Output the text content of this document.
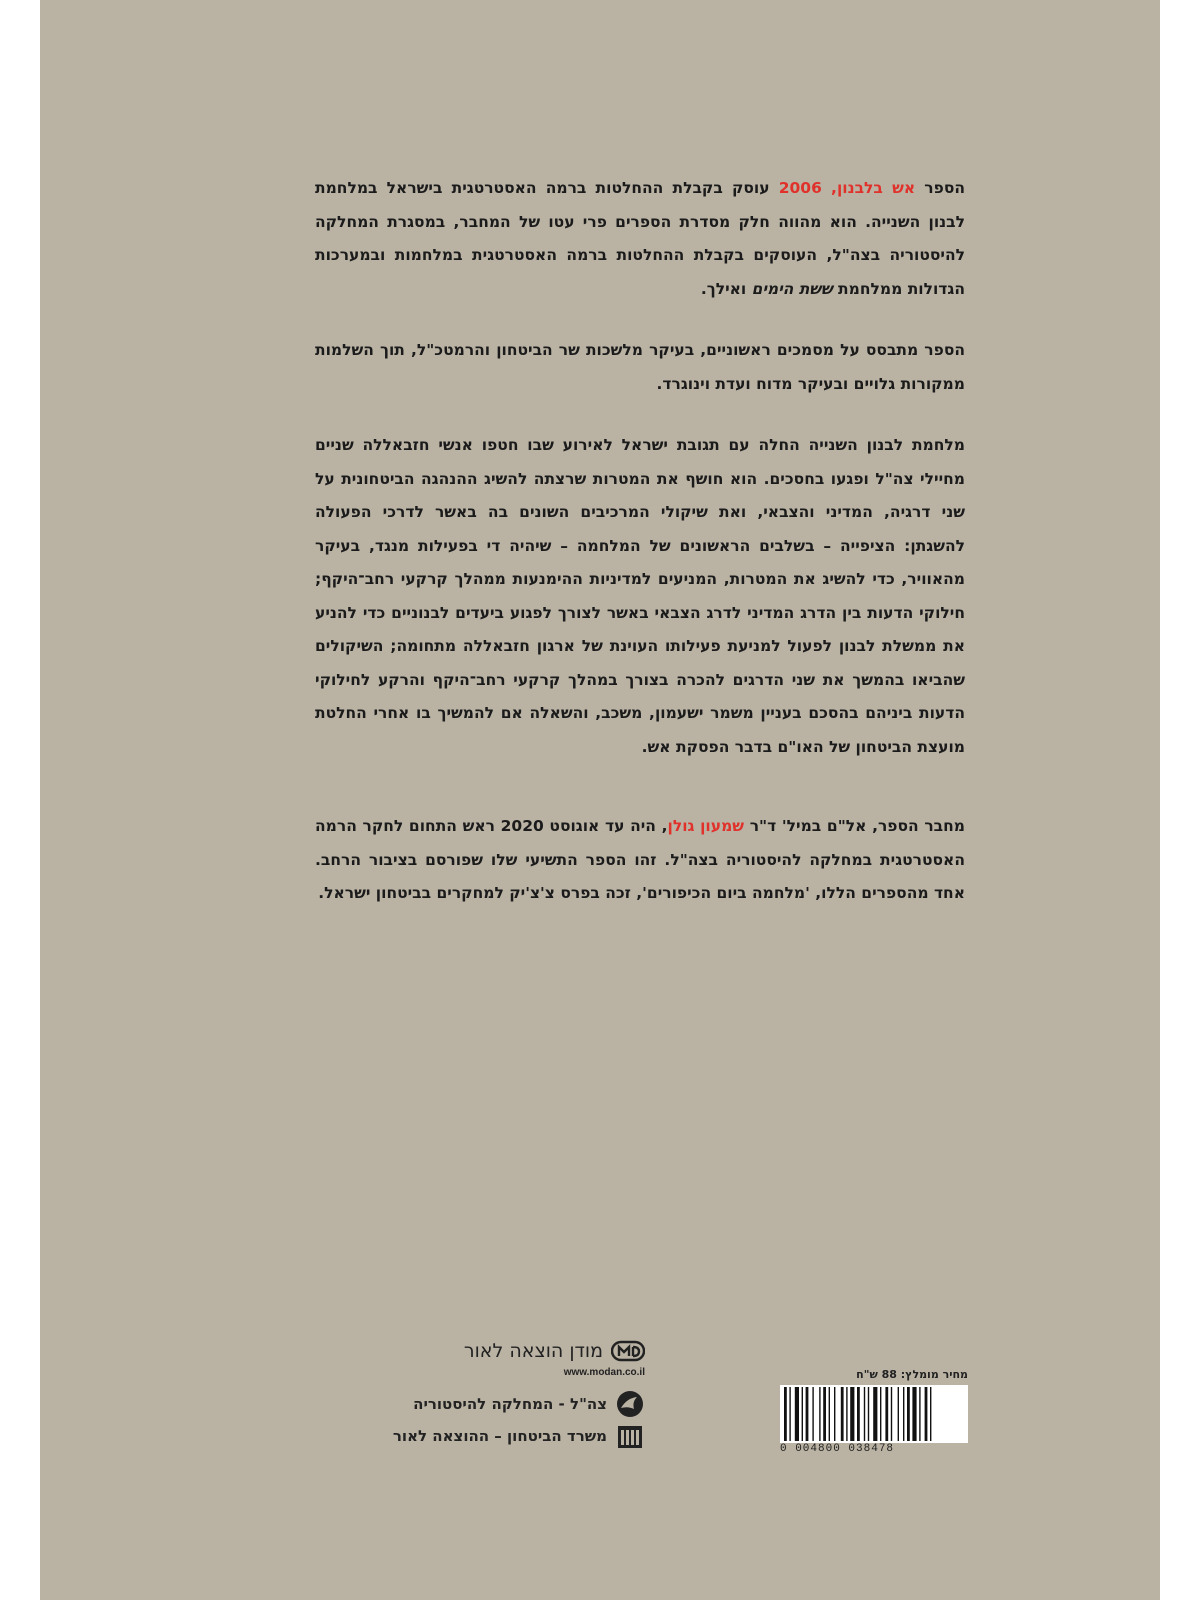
הספר אש בלבנון, 2006 עוסק בקבלת ההחלטות ברמה האסטרטגית בישראל במלחמת לבנון השנייה. הוא מהווה חלק מסדרת הספרים פרי עטו של המחבר, במסגרת המחלקה להיסטוריה בצה"ל, העוסקים בקבלת ההחלטות ברמה האסטרטגית במלחמות ובמערכות הגדולות ממלחמת ששת הימים ואילך.

הספר מתבסס על מסמכים ראשוניים, בעיקר מלשכות שר הביטחון והרמטכ"ל, תוך השלמות ממקורות גלויים ובעיקר מדוח ועדת וינוגרד.

מלחמת לבנון השנייה החלה עם תגובת ישראל לאירוע שבו חטפו אנשי חזבאללה שניים מחיילי צה"ל ופגעו בחסכים. הוא חושף את המטרות שרצתה להשיג ההנהגה הביטחונית על שני דרגיה, המדיני והצבאי, ואת שיקולי המרכיבים השונים בה באשר לדרכי הפעולה להשגתן: הציפייה – בשלבים הראשונים של המלחמה – שיהיה די בפעילות מנגד, בעיקר מהאוויר, כדי להשיג את המטרות, המניעים למדיניות ההימנעות ממהלך קרקעי רחב־היקף; חילוקי הדעות בין הדרג המדיני לדרג הצבאי באשר לצורך לפגוע ביעדים לבנוניים כדי להניע את ממשלת לבנון לפעול למניעת פעילותו העוינת של ארגון חזבאללה מתחומה; השיקולים שהביאו בהמשך את שני הדרגים להכרה בצורך במהלך קרקעי רחב־היקף והרקע לחילוקי הדעות ביניהם בהסכם בעניין משמר ישעמון, משכב, והשאלה אם להמשיך בו אחרי החלטת מועצת הביטחון של האו"ם בדבר הפסקת אש.

מחבר הספר, אל"ם במיל' ד"ר שמעון גולן, היה עד אוגוסט 2020 ראש התחום לחקר הרמה האסטרטגית במחלקה להיסטוריה בצה"ל. זהו הספר התשיעי שלו שפורסם בציבור הרחב. אחד מהספרים הללו, 'מלחמה ביום הכיפורים', זכה בפרס צ'צ'יק למחקרים בביטחון ישראל.

מודן הוצאה לאור
www.modan.co.il
צה"ל - המחלקה להיסטוריה
משרד הביטחון – ההוצאה לאור
מחיר מומלץ: 88 ש"ח
0 004800 038478
